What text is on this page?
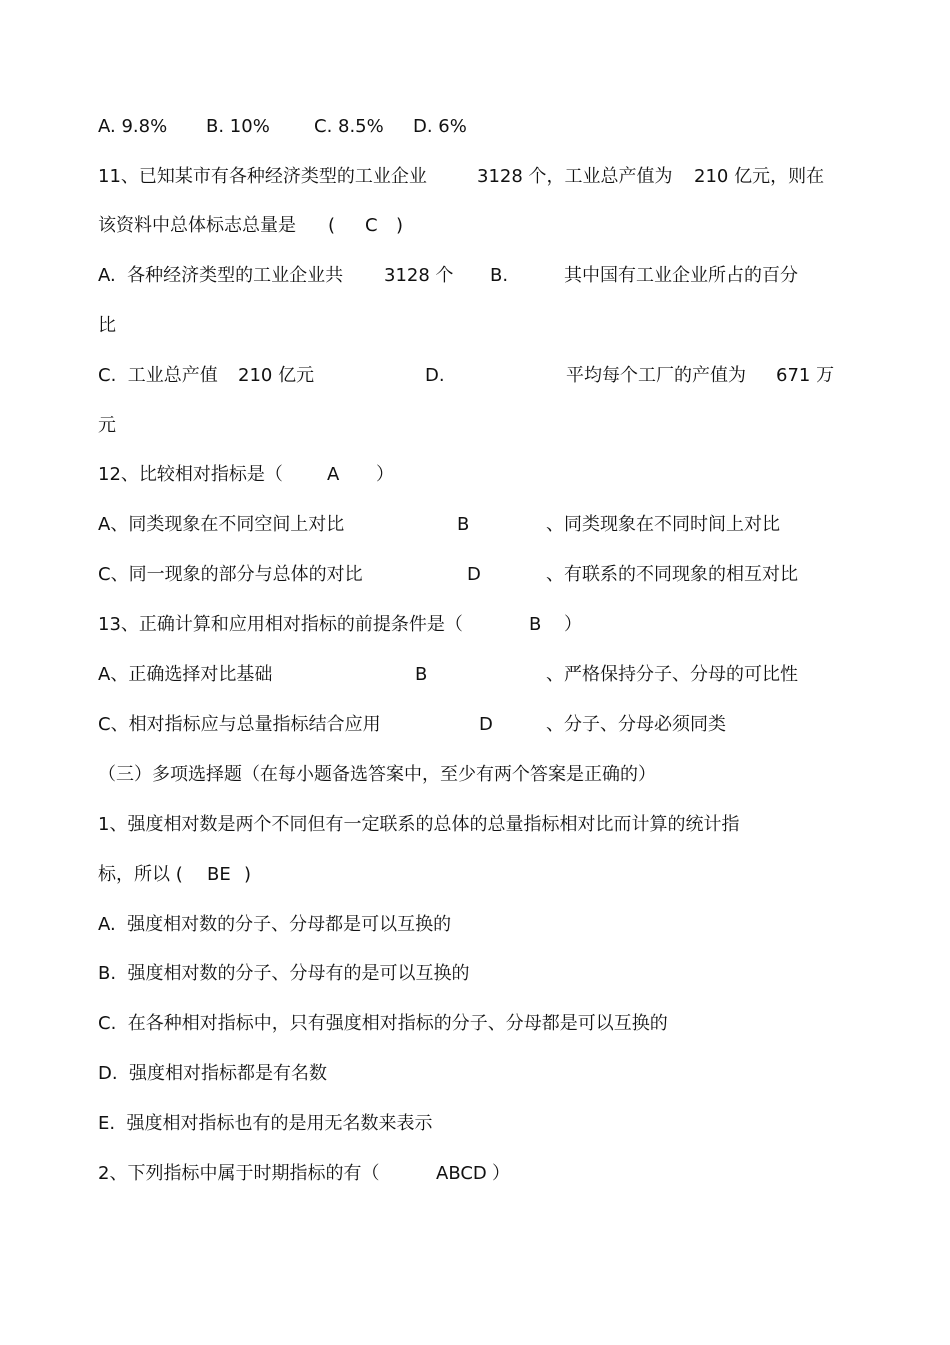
A. 9.8%

B. 10%

C. 8.5%

D. 6%

11、已知某市有各种经济类型的工业企业

	3128 个，工业总产值为

210 亿元，则在

该资料中总体标志总量是

(

C

)

A.  各种经济类型的工业企业共

3128 个

B.

	其中国有工业企业所占的百分

比

C.  工业总产值

210 亿元

	D.

	平均每个工厂的产值为

671 万

元

12、比较相对指标是（

A

）

A、同类现象在不同空间上对比

	B

	、同类现象在不同时间上对比

C、同一现象的部分与总体的对比

	D

	、有联系的不同现象的相互对比

13、正确计算和应用相对指标的前提条件是（

	B

）

A、正确选择对比基础

	B

	、严格保持分子、分母的可比性

C、相对指标应与总量指标结合应用

	D

	、分子、分母必须同类

（三）多项选择题（在每小题备选答案中，至少有两个答案是正确的）

1、强度相对数是两个不同但有一定联系的总体的总量指标相对比而计算的统计指

标，所以 (

BE

)

A.  强度相对数的分子、分母都是可以互换的

B.  强度相对数的分子、分母有的是可以互换的

C.  在各种相对指标中，只有强度相对指标的分子、分母都是可以互换的

D.  强度相对指标都是有名数

E.  强度相对指标也有的是用无名数来表示

2、下列指标中属于时期指标的有（

	ABCD

）
